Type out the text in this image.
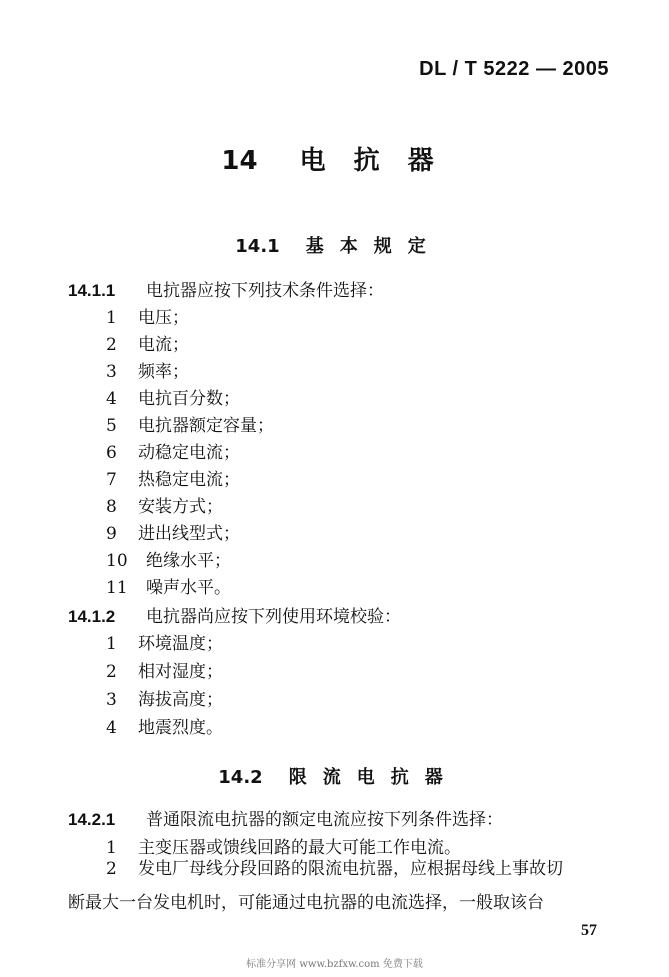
DL / T 5222 — 2005
14 电 抗 器
14.1 基 本 规 定
14.1.1 电抗器应按下列技术条件选择：
1 电压；
2 电流；
3 频率；
4 电抗百分数；
5 电抗器额定容量；
6 动稳定电流；
7 热稳定电流；
8 安装方式；
9 进出线型式；
10 绝缘水平；
11 噪声水平。
14.1.2 电抗器尚应按下列使用环境校验：
1 环境温度；
2 相对湿度；
3 海拔高度；
4 地震烈度。
14.2 限 流 电 抗 器
14.2.1 普通限流电抗器的额定电流应按下列条件选择：
1 主变压器或馈线回路的最大可能工作电流。
2 发电厂母线分段回路的限流电抗器，应根据母线上事故切
断最大一台发电机时，可能通过电抗器的电流选择，一般取该台
57
标准分享网 www.bzfxw.com 免费下载
